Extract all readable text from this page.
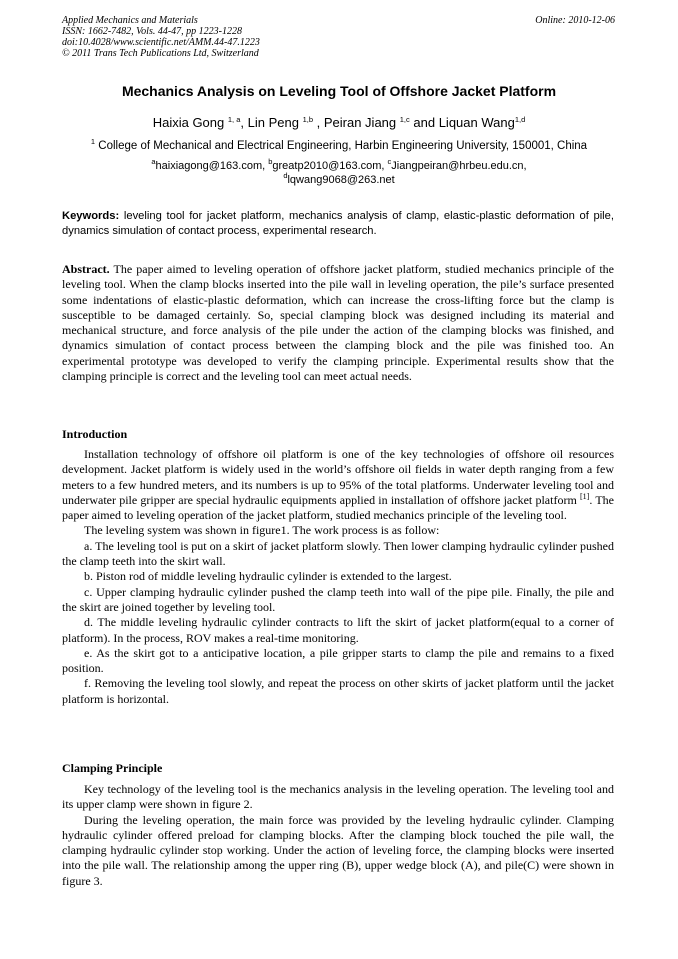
Applied Mechanics and Materials
ISSN: 1662-7482, Vols. 44-47, pp 1223-1228
doi:10.4028/www.scientific.net/AMM.44-47.1223
© 2011 Trans Tech Publications Ltd, Switzerland
Online: 2010-12-06
Mechanics Analysis on Leveling Tool of Offshore Jacket Platform
Haixia Gong $^{1, a}$, Lin Peng $^{1,b}$ , Peiran Jiang $^{1,c}$ and Liquan Wang$^{1,d}$
$^1$ College of Mechanical and Electrical Engineering, Harbin Engineering University, 150001, China
$^a$haixiagong@163.com, $^b$greatp2010@163.com, $^c$Jiangpeiran@hrbeu.edu.cn,
$^d$lqwang9068@263.net
Keywords: leveling tool for jacket platform, mechanics analysis of clamp, elastic-plastic deformation of pile, dynamics simulation of contact process, experimental research.
Abstract. The paper aimed to leveling operation of offshore jacket platform, studied mechanics principle of the leveling tool. When the clamp blocks inserted into the pile wall in leveling operation, the pile’s surface presented some indentations of elastic-plastic deformation, which can increase the cross-lifting force but the clamp is susceptible to be damaged certainly. So, special clamping block was designed including its material and mechanical structure, and force analysis of the pile under the action of the clamping blocks was finished, and dynamics simulation of contact process between the clamping block and the pile was finished too. An experimental prototype was developed to verify the clamping principle. Experimental results show that the clamping principle is correct and the leveling tool can meet actual needs.
Introduction

Installation technology of offshore oil platform is one of the key technologies of offshore oil resources development. Jacket platform is widely used in the world’s offshore oil fields in water depth ranging from a few meters to a few hundred meters, and its numbers is up to 95% of the total platforms. Underwater leveling tool and underwater pile gripper are special hydraulic equipments applied in installation of offshore jacket platform [1]. The paper aimed to leveling operation of the jacket platform, studied mechanics principle of the leveling tool.

The leveling system was shown in figure1. The work process is as follow:

a. The leveling tool is put on a skirt of jacket platform slowly. Then lower clamping hydraulic cylinder pushed the clamp teeth into the skirt wall.

b. Piston rod of middle leveling hydraulic cylinder is extended to the largest.

c. Upper clamping hydraulic cylinder pushed the clamp teeth into wall of the pipe pile. Finally, the pile and the skirt are joined together by leveling tool.

d. The middle leveling hydraulic cylinder contracts to lift the skirt of jacket platform(equal to a corner of platform). In the process, ROV makes a real-time monitoring.

e. As the skirt got to a anticipative location, a pile gripper starts to clamp the pile and remains to a fixed position.

f. Removing the leveling tool slowly, and repeat the process on other skirts of jacket platform until the jacket platform is horizontal.

Clamping Principle

Key technology of the leveling tool is the mechanics analysis in the leveling operation. The leveling tool and its upper clamp were shown in figure 2.

During the leveling operation, the main force was provided by the leveling hydraulic cylinder. Clamping hydraulic cylinder offered preload for clamping blocks. After the clamping block touched the pile wall, the clamping hydraulic cylinder stop working. Under the action of leveling force, the clamping blocks were inserted into the pile wall. The relationship among the upper ring (B), upper wedge block (A), and pile(C) were shown in figure 3.
